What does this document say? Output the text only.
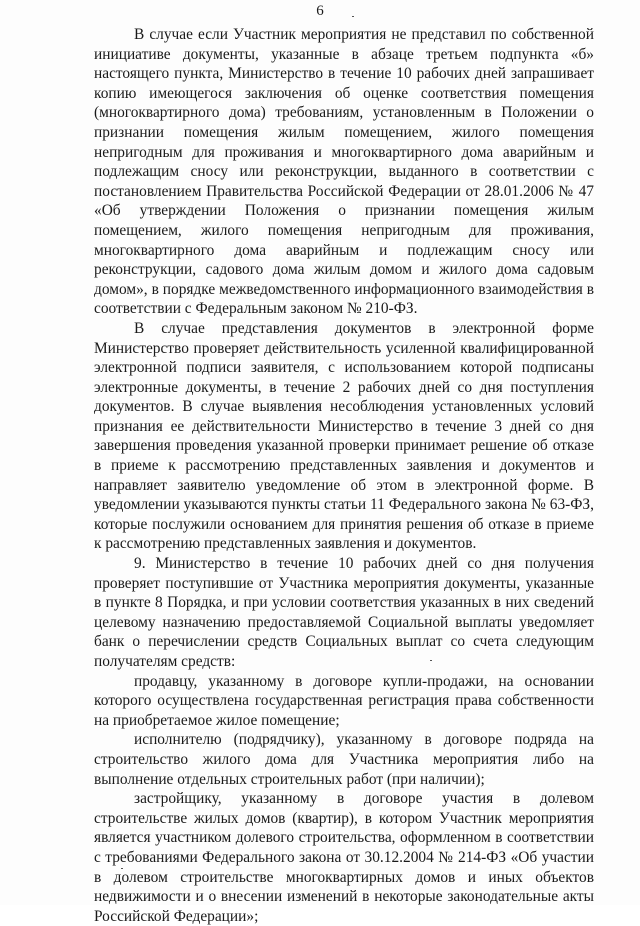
6

В случае если Участник мероприятия не представил по собственной инициативе документы, указанные в абзаце третьем подпункта «б» настоящего пункта, Министерство в течение 10 рабочих дней запрашивает копию имеющегося заключения об оценке соответствия помещения (многоквартирного дома) требованиям, установленным в Положении о признании помещения жилым помещением, жилого помещения непригодным для проживания и многоквартирного дома аварийным и подлежащим сносу или реконструкции, выданного в соответствии с постановлением Правительства Российской Федерации от 28.01.2006 № 47 «Об утверждении Положения о признании помещения жилым помещением, жилого помещения непригодным для проживания, многоквартирного дома аварийным и подлежащим сносу или реконструкции, садового дома жилым домом и жилого дома садовым домом», в порядке межведомственного информационного взаимодействия в соответствии с Федеральным законом № 210-ФЗ.

В случае представления документов в электронной форме Министерство проверяет действительность усиленной квалифицированной электронной подписи заявителя, с использованием которой подписаны электронные документы, в течение 2 рабочих дней со дня поступления документов. В случае выявления несоблюдения установленных условий признания ее действительности Министерство в течение 3 дней со дня завершения проведения указанной проверки принимает решение об отказе в приеме к рассмотрению представленных заявления и документов и направляет заявителю уведомление об этом в электронной форме. В уведомлении указываются пункты статьи 11 Федерального закона № 63-ФЗ, которые послужили основанием для принятия решения об отказе в приеме к рассмотрению представленных заявления и документов.

9. Министерство в течение 10 рабочих дней со дня получения проверяет поступившие от Участника мероприятия документы, указанные в пункте 8 Порядка, и при условии соответствия указанных в них сведений целевому назначению предоставляемой Социальной выплаты уведомляет банк о перечислении средств Социальных выплат со счета следующим получателям средств:

продавцу, указанному в договоре купли-продажи, на основании которого осуществлена государственная регистрация права собственности на приобретаемое жилое помещение;

исполнителю (подрядчику), указанному в договоре подряда на строительство жилого дома для Участника мероприятия либо на выполнение отдельных строительных работ (при наличии);

застройщику, указанному в договоре участия в долевом строительстве жилых домов (квартир), в котором Участник мероприятия является участником долевого строительства, оформленном в соответствии с требованиями Федерального закона от 30.12.2004 № 214-ФЗ «Об участии в долевом строительстве многоквартирных домов и иных объектов недвижимости и о внесении изменений в некоторые законодательные акты Российской Федерации»;
